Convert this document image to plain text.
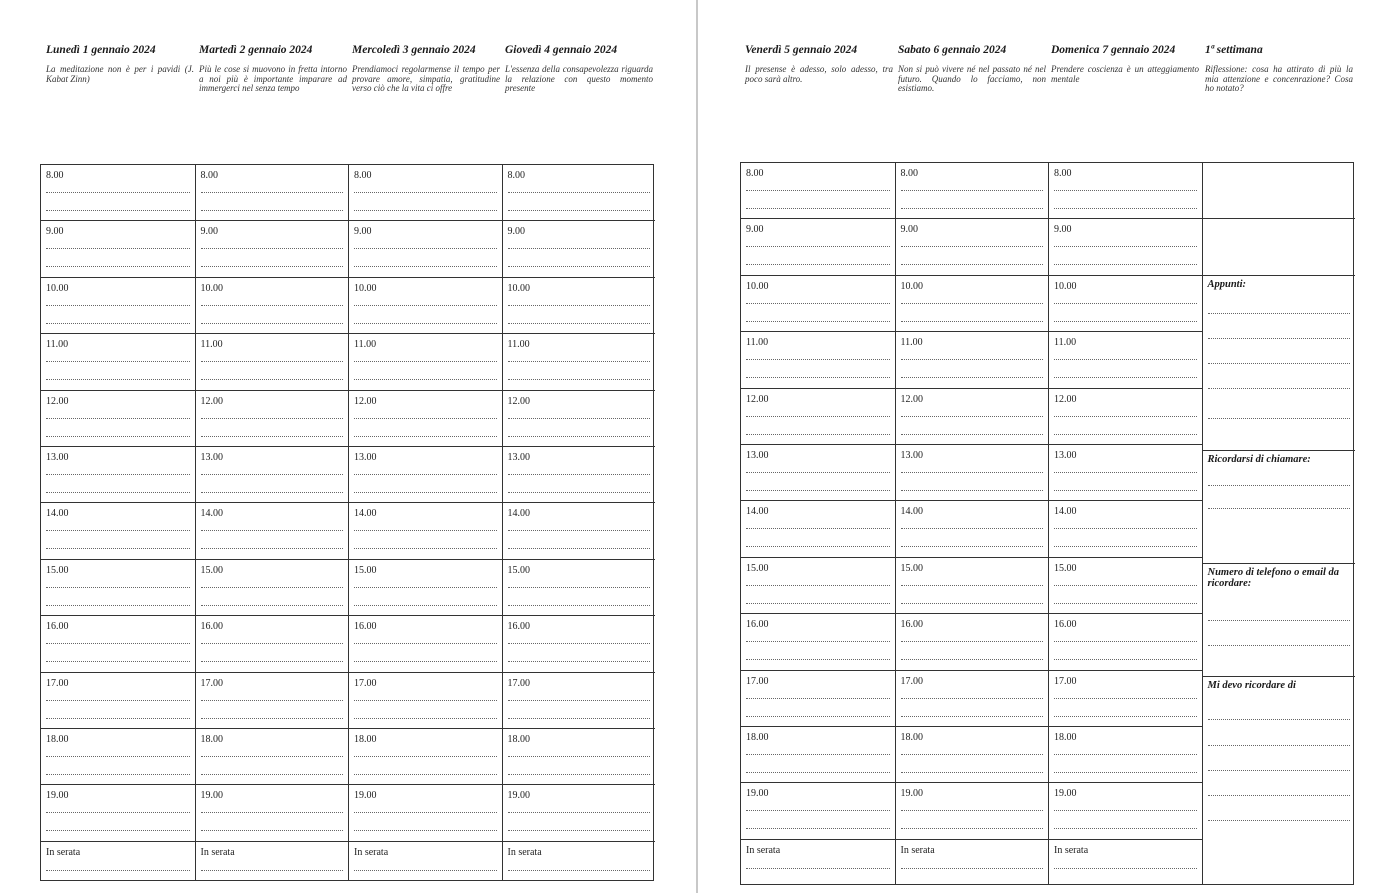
Lunedì 1 gennaio 2024
La meditazione non è per i pavidi (J. Kabat Zinn)
Martedì 2 gennaio 2024
Più le cose si muovono in fretta intorno a noi più è importante imparare ad immergerci nel senza tempo
Mercoledì 3 gennaio 2024
Prendiamoci regolarmense il tempo per provare amore, simpatia, gratitudine verso ciò che la vita ci offre
Giovedì 4 gennaio 2024
L'essenza della consapevolezza riguarda la relazione con questo momento presente
Venerdì 5 gennaio 2024
Il presense è adesso, solo adesso, tra poco sarà altro.
Sabato 6 gennaio 2024
Non si può vivere né nel passato né nel futuro. Quando lo facciamo, non esistiamo.
Domenica 7 gennaio 2024
Prendere coscienza è un atteggiamento mentale
1ª settimana
Riflessione: cosa ha attirato di più la mia attenzione e concenrazione? Cosa ho notato?
8.00
9.00
10.00
11.00
12.00
13.00
14.00
15.00
16.00
17.00
18.00
19.00
In serata
8.00
9.00
10.00
11.00
12.00
13.00
14.00
15.00
16.00
17.00
18.00
19.00
In serata
8.00
9.00
10.00
11.00
12.00
13.00
14.00
15.00
16.00
17.00
18.00
19.00
In serata
8.00
9.00
10.00
11.00
12.00
13.00
14.00
15.00
16.00
17.00
18.00
19.00
In serata
8.00
9.00
10.00
11.00
12.00
13.00
14.00
15.00
16.00
17.00
18.00
19.00
In serata
8.00
9.00
10.00
11.00
12.00
13.00
14.00
15.00
16.00
17.00
18.00
19.00
In serata
8.00
9.00
10.00
11.00
12.00
13.00
14.00
15.00
16.00
17.00
18.00
19.00
In serata
Appunti:
Ricordarsi di chiamare:
Numero di telefono o email da ricordare:
Mi devo ricordare di
